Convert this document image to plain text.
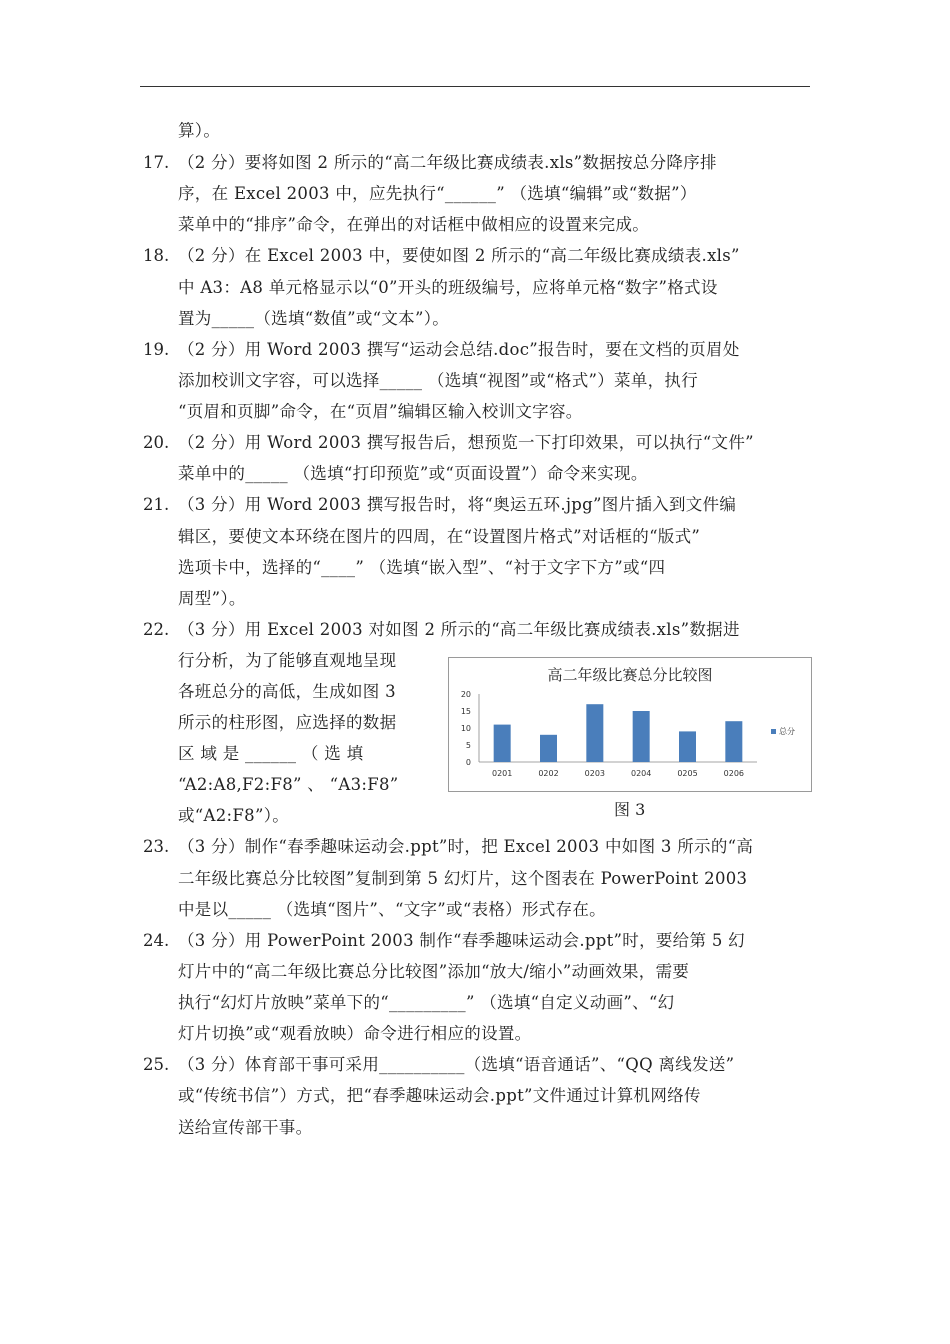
算）。
17. （2 分）要将如图 2 所示的“高二年级比赛成绩表.xls”数据按总分降序排
序，在 Excel 2003 中，应先执行“______” （选填“编辑”或“数据”）
菜单中的“排序”命令，在弹出的对话框中做相应的设置来完成。
18. （2 分）在 Excel 2003 中，要使如图 2 所示的“高二年级比赛成绩表.xls”
中 A3：A8 单元格显示以“0”开头的班级编号，应将单元格“数字”格式设
置为_____（选填“数值”或“文本”）。
19. （2 分）用 Word 2003 撰写“运动会总结.doc”报告时，要在文档的页眉处
添加校训文字容，可以选择_____ （选填“视图”或“格式”）菜单，执行
“页眉和页脚”命令，在“页眉”编辑区输入校训文字容。
20. （2 分）用 Word 2003 撰写报告后，想预览一下打印效果，可以执行“文件”
菜单中的_____ （选填“打印预览”或“页面设置”）命令来实现。
21. （3 分）用 Word 2003 撰写报告时，将“奥运五环.jpg”图片插入到文件编
辑区，要使文本环绕在图片的四周，在“设置图片格式”对话框的“版式”
选项卡中，选择的“____” （选填“嵌入型”、“衬于文字下方”或“四
周型”）。
22. （3 分）用 Excel 2003 对如图 2 所示的“高二年级比赛成绩表.xls”数据进
行分析，为了能够直观地呈现
各班总分的高低，生成如图 3
所示的柱形图，应选择的数据
区 域 是 ______ （ 选 填
“A2:A8,F2:F8” 、 “A3:F8”
或“A2:F8”）。
高二年级比赛总分比较图
0
5
10
15
20
0201	0202	0203	0204	0205	0206
总分
图 3
23. （3 分）制作“春季趣味运动会.ppt”时，把 Excel 2003 中如图 3 所示的“高
二年级比赛总分比较图”复制到第 5 幻灯片，这个图表在 PowerPoint 2003
中是以_____ （选填“图片”、“文字”或“表格）形式存在。
24. （3 分）用 PowerPoint 2003 制作“春季趣味运动会.ppt”时，要给第 5 幻
灯片中的“高二年级比赛总分比较图”添加“放大/缩小”动画效果，需要
执行“幻灯片放映”菜单下的“_________” （选填“自定义动画”、“幻
灯片切换”或“观看放映）命令进行相应的设置。
25. （3 分）体育部干事可采用__________（选填“语音通话”、“QQ 离线发送”
或“传统书信”）方式，把“春季趣味运动会.ppt”文件通过计算机网络传
送给宣传部干事。
